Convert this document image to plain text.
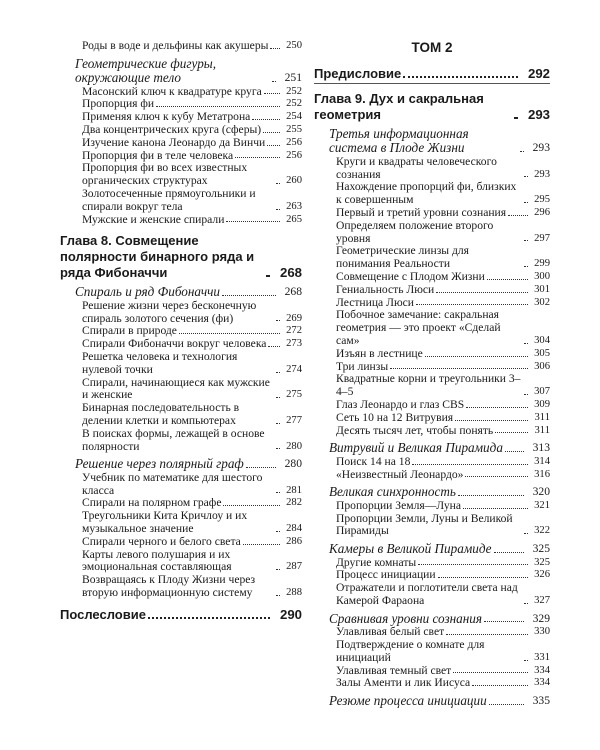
Роды в воде и дельфины как акушеры	250
Геометрические фигуры, окружающие тело	251
Масонский ключ к квадратуре круга	252
Пропорция фи	252
Применяя ключ к кубу Метатрона	254
Два концентрических круга (сферы)	255
Изучение канона Леонардо да Винчи	256
Пропорция фи в теле человека	256
Пропорция фи во всех известных органических структурах	260
Золотосеченные прямоугольники и спирали вокруг тела	263
Мужские и женские спирали	265
Глава 8. Совмещение полярности бинарного ряда и ряда Фибоначчи	268
Спираль и ряд Фибоначчи	268
Решение жизни через бесконечную спираль золотого сечения (фи)	269
Спирали в природе	272
Спирали Фибоначчи вокруг человека	273
Решетка человека и технология нулевой точки	274
Спирали, начинающиеся как мужские и женские	275
Бинарная последовательность в делении клетки и компьютерах	277
В поисках формы, лежащей в основе полярности	280
Решение через полярный граф	280
Учебник по математике для шестого класса	281
Спирали на полярном графе	282
Треугольники Кита Кричлоу и их музыкальное значение	284
Спирали черного и белого света	286
Карты левого полушария и их эмоциональная составляющая	287
Возвращаясь к Плоду Жизни через вторую информационную систему	288
Послесловие	290
ТОМ 2
Предисловие	292
Глава 9. Дух и сакральная геометрия	293
Третья информационная система в Плоде Жизни	293
Круги и квадраты человеческого сознания	293
Нахождение пропорций фи, близких к совершенным	295
Первый и третий уровни сознания	296
Определяем положение второго уровня	297
Геометрические линзы для понимания Реальности	299
Совмещение с Плодом Жизни	300
Гениальность Люси	301
Лестница Люси	302
Побочное замечание: сакральная геометрия — это проект «Сделай сам»	304
Изъян в лестнице	305
Три линзы	306
Квадратные корни и треугольники 3–4–5	307
Глаз Леонардо и глаз CBS	309
Сеть 10 на 12 Витрувия	311
Десять тысяч лет, чтобы понять	311
Витрувий и Великая Пирамида	313
Поиск 14 на 18	314
«Неизвестный Леонардо»	316
Великая синхронность	320
Пропорции Земля—Луна	321
Пропорции Земли, Луны и Великой Пирамиды	322
Камеры в Великой Пирамиде	325
Другие комнаты	325
Процесс инициации	326
Отражатели и поглотители света над Камерой Фараона	327
Сравнивая уровни сознания	329
Улавливая белый свет	330
Подтверждение о комнате для инициаций	331
Улавливая темный свет	334
Залы Аменти и лик Иисуса	334
Резюме процесса инициации	335
